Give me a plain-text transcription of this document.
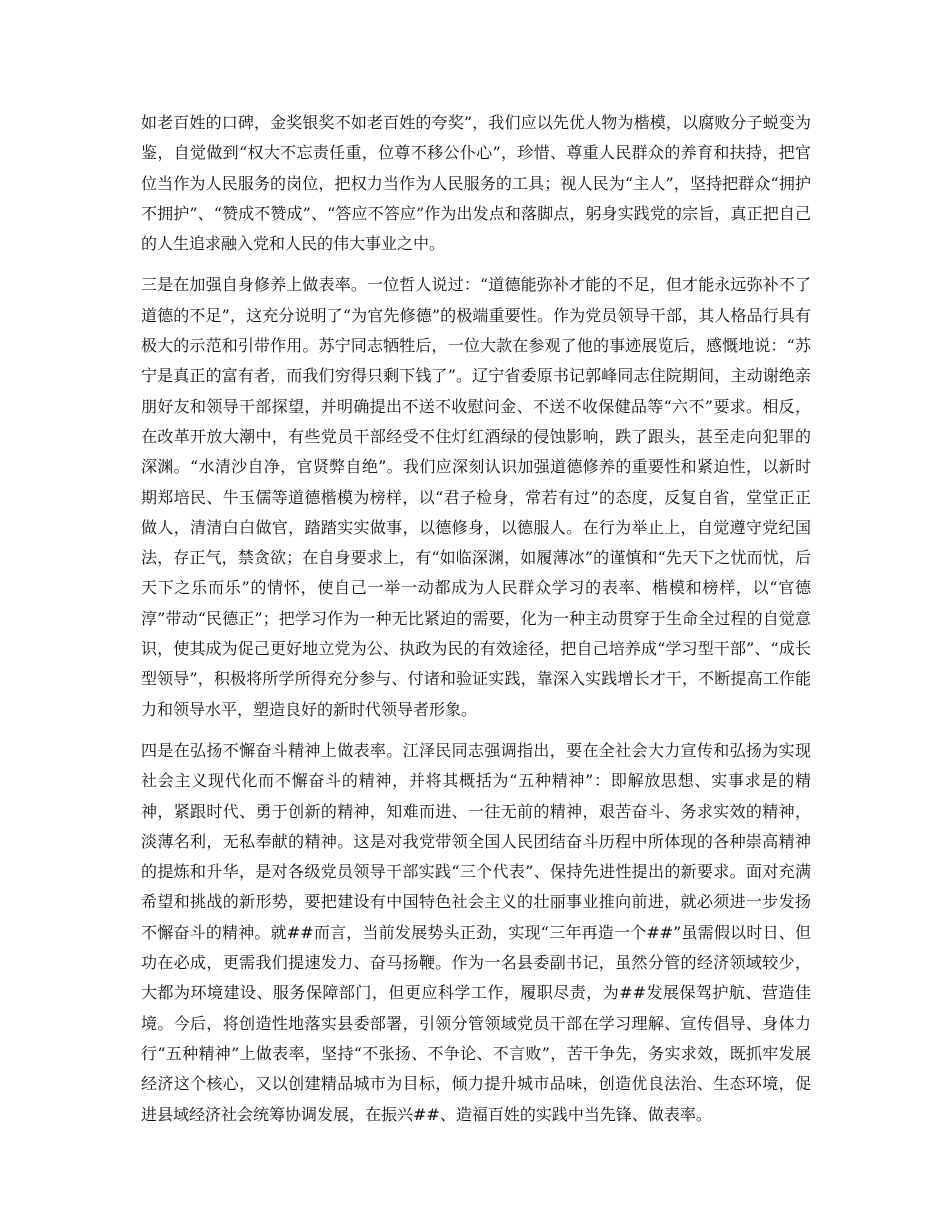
如老百姓的口碑，金奖银奖不如老百姓的夸奖”，我们应以先优人物为楷模，以腐败分子蜕变为鉴，自觉做到“权大不忘责任重，位尊不移公仆心”，珍惜、尊重人民群众的养育和扶持，把官位当作为人民服务的岗位，把权力当作为人民服务的工具；视人民为“主人”，坚持把群众“拥护不拥护”、“赞成不赞成”、“答应不答应”作为出发点和落脚点，躬身实践党的宗旨，真正把自己的人生追求融入党和人民的伟大事业之中。

三是在加强自身修养上做表率。一位哲人说过：“道德能弥补才能的不足，但才能永远弥补不了道德的不足”，这充分说明了“为官先修德”的极端重要性。作为党员领导干部，其人格品行具有极大的示范和引带作用。苏宁同志牺牲后，一位大款在参观了他的事迹展览后，感慨地说：“苏宁是真正的富有者，而我们穷得只剩下钱了”。辽宁省委原书记郭峰同志住院期间，主动谢绝亲朋好友和领导干部探望，并明确提出不送不收慰问金、不送不收保健品等“六不”要求。相反，在改革开放大潮中，有些党员干部经受不住灯红酒绿的侵蚀影响，跌了跟头，甚至走向犯罪的深渊。“水清沙自净，官贤弊自绝”。我们应深刻认识加强道德修养的重要性和紧迫性，以新时期郑培民、牛玉儒等道德楷模为榜样，以“君子检身，常若有过”的态度，反复自省，堂堂正正做人，清清白白做官，踏踏实实做事，以德修身，以德服人。在行为举止上，自觉遵守党纪国法，存正气，禁贪欲；在自身要求上，有“如临深渊，如履薄冰”的谨慎和“先天下之忧而忧，后天下之乐而乐”的情怀，使自己一举一动都成为人民群众学习的表率、楷模和榜样，以“官德淳”带动“民德正”；把学习作为一种无比紧迫的需要，化为一种主动贯穿于生命全过程的自觉意识，使其成为促己更好地立党为公、执政为民的有效途径，把自己培养成“学习型干部”、“成长型领导”，积极将所学所得充分参与、付诸和验证实践，靠深入实践增长才干，不断提高工作能力和领导水平，塑造良好的新时代领导者形象。

四是在弘扬不懈奋斗精神上做表率。江泽民同志强调指出，要在全社会大力宣传和弘扬为实现社会主义现代化而不懈奋斗的精神，并将其概括为“五种精神”：即解放思想、实事求是的精神，紧跟时代、勇于创新的精神，知难而进、一往无前的精神，艰苦奋斗、务求实效的精神，淡薄名利，无私奉献的精神。这是对我党带领全国人民团结奋斗历程中所体现的各种崇高精神的提炼和升华，是对各级党员领导干部实践“三个代表”、保持先进性提出的新要求。面对充满希望和挑战的新形势，要把建设有中国特色社会主义的壮丽事业推向前进，就必须进一步发扬不懈奋斗的精神。就##而言，当前发展势头正劲，实现“三年再造一个##”虽需假以时日、但功在必成，更需我们提速发力、奋马扬鞭。作为一名县委副书记，虽然分管的经济领域较少，大都为环境建设、服务保障部门，但更应科学工作，履职尽责，为##发展保驾护航、营造佳境。今后，将创造性地落实县委部署，引领分管领域党员干部在学习理解、宣传倡导、身体力行“五种精神”上做表率，坚持“不张扬、不争论、不言败”，苦干争先，务实求效，既抓牢发展经济这个核心，又以创建精品城市为目标，倾力提升城市品味，创造优良法治、生态环境，促进县域经济社会统筹协调发展，在振兴##、造福百姓的实践中当先锋、做表率。
